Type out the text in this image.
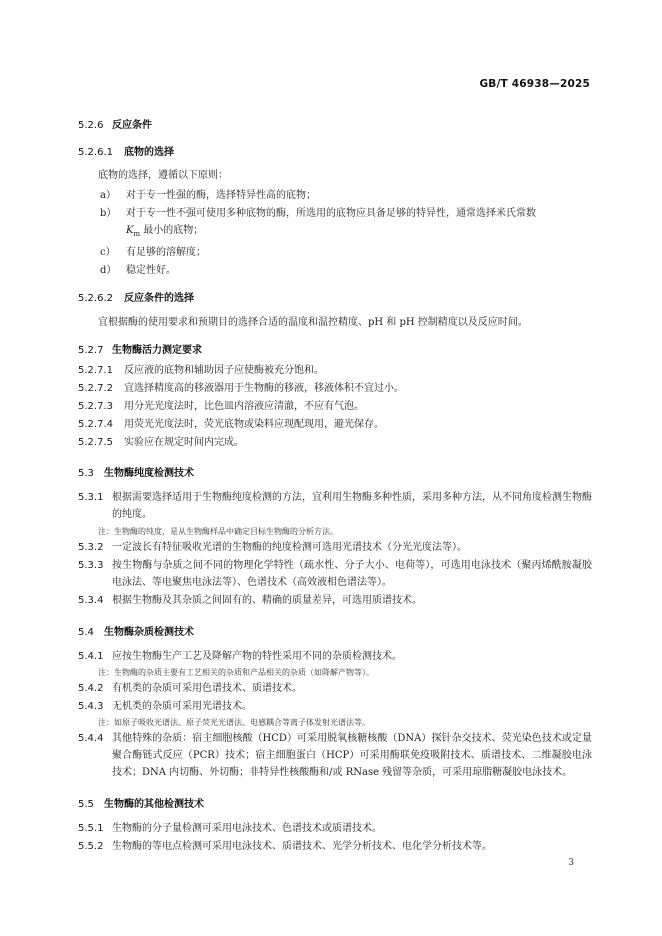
GB/T 46938—2025
5.2.6 反应条件
5.2.6.1 底物的选择

底物的选择，遵循以下原则：

a）	对于专一性强的酶，选择特异性高的底物；
b） 对于专一性不强可使用多种底物的酶，所选用的底物应具备足够的特异性，通常选择米氏常数
$K_m$ 最小的底物；
c）	有足够的溶解度；
d） 稳定性好。
5.2.6.2 反应条件的选择

宜根据酶的使用要求和预期目的选择合适的温度和温控精度、pH 和 pH 控制精度以及反应时间。

5.2.7 生物酶活力测定要求
5.2.7.1	反应液的底物和辅助因子应使酶被充分饱和。
5.2.7.2	宜选择精度高的移液器用于生物酶的移液，移液体积不宜过小。
5.2.7.3	用分光光度法时，比色皿内溶液应清澈，不应有气泡。
5.2.7.4	用荧光光度法时，荧光底物或染料应现配现用，避光保存。
5.2.7.5	实验应在规定时间内完成。
5.3 生物酶纯度检测技术
5.3.1 根据需要选择适用于生物酶纯度检测的方法，宜利用生物酶多种性质，采用多种方法，从不同角度检测生物酶的纯度。

注：生物酶的纯度，是从生物酶样品中确定目标生物酶的分析方法。

5.3.2 一定波长有特征吸收光谱的生物酶的纯度检测可选用光谱技术（分光光度法等）。
5.3.3 按生物酶与杂质之间不同的物理化学特性（疏水性、分子大小、电荷等），可选用电泳技术（聚丙烯酰胺凝胶电泳法、等电聚焦电泳法等）、色谱技术（高效液相色谱法等）。
5.3.4 根据生物酶及其杂质之间固有的、精确的质量差异，可选用质谱技术。
5.4 生物酶杂质检测技术
5.4.1 应按生物酶生产工艺及降解产物的特性采用不同的杂质检测技术。

注：生物酶的杂质主要有工艺相关的杂质和产品相关的杂质（如降解产物等）。

5.4.2 有机类的杂质可采用色谱技术、质谱技术。
5.4.3 无机类的杂质可采用光谱技术。

注：如原子吸收光谱法、原子荧光光谱法、电感耦合等离子体发射光谱法等。

5.4.4 其他特殊的杂质：宿主细胞核酸（HCD）可采用脱氧核糖核酸（DNA）探针杂交技术、荧光染色技术或定量聚合酶链式反应（PCR）技术；宿主细胞蛋白（HCP）可采用酶联免疫吸附技术、质谱技术、二维凝胶电泳技术；DNA 内切酶、外切酶；非特异性核酸酶和/或 RNase 残留等杂质，可采用琼脂糖凝胶电泳技术。
5.5 生物酶的其他检测技术
5.5.1 生物酶的分子量检测可采用电泳技术、色谱技术或质谱技术。
5.5.2 生物酶的等电点检测可采用电泳技术、质谱技术、光学分析技术、电化学分析技术等。
3
